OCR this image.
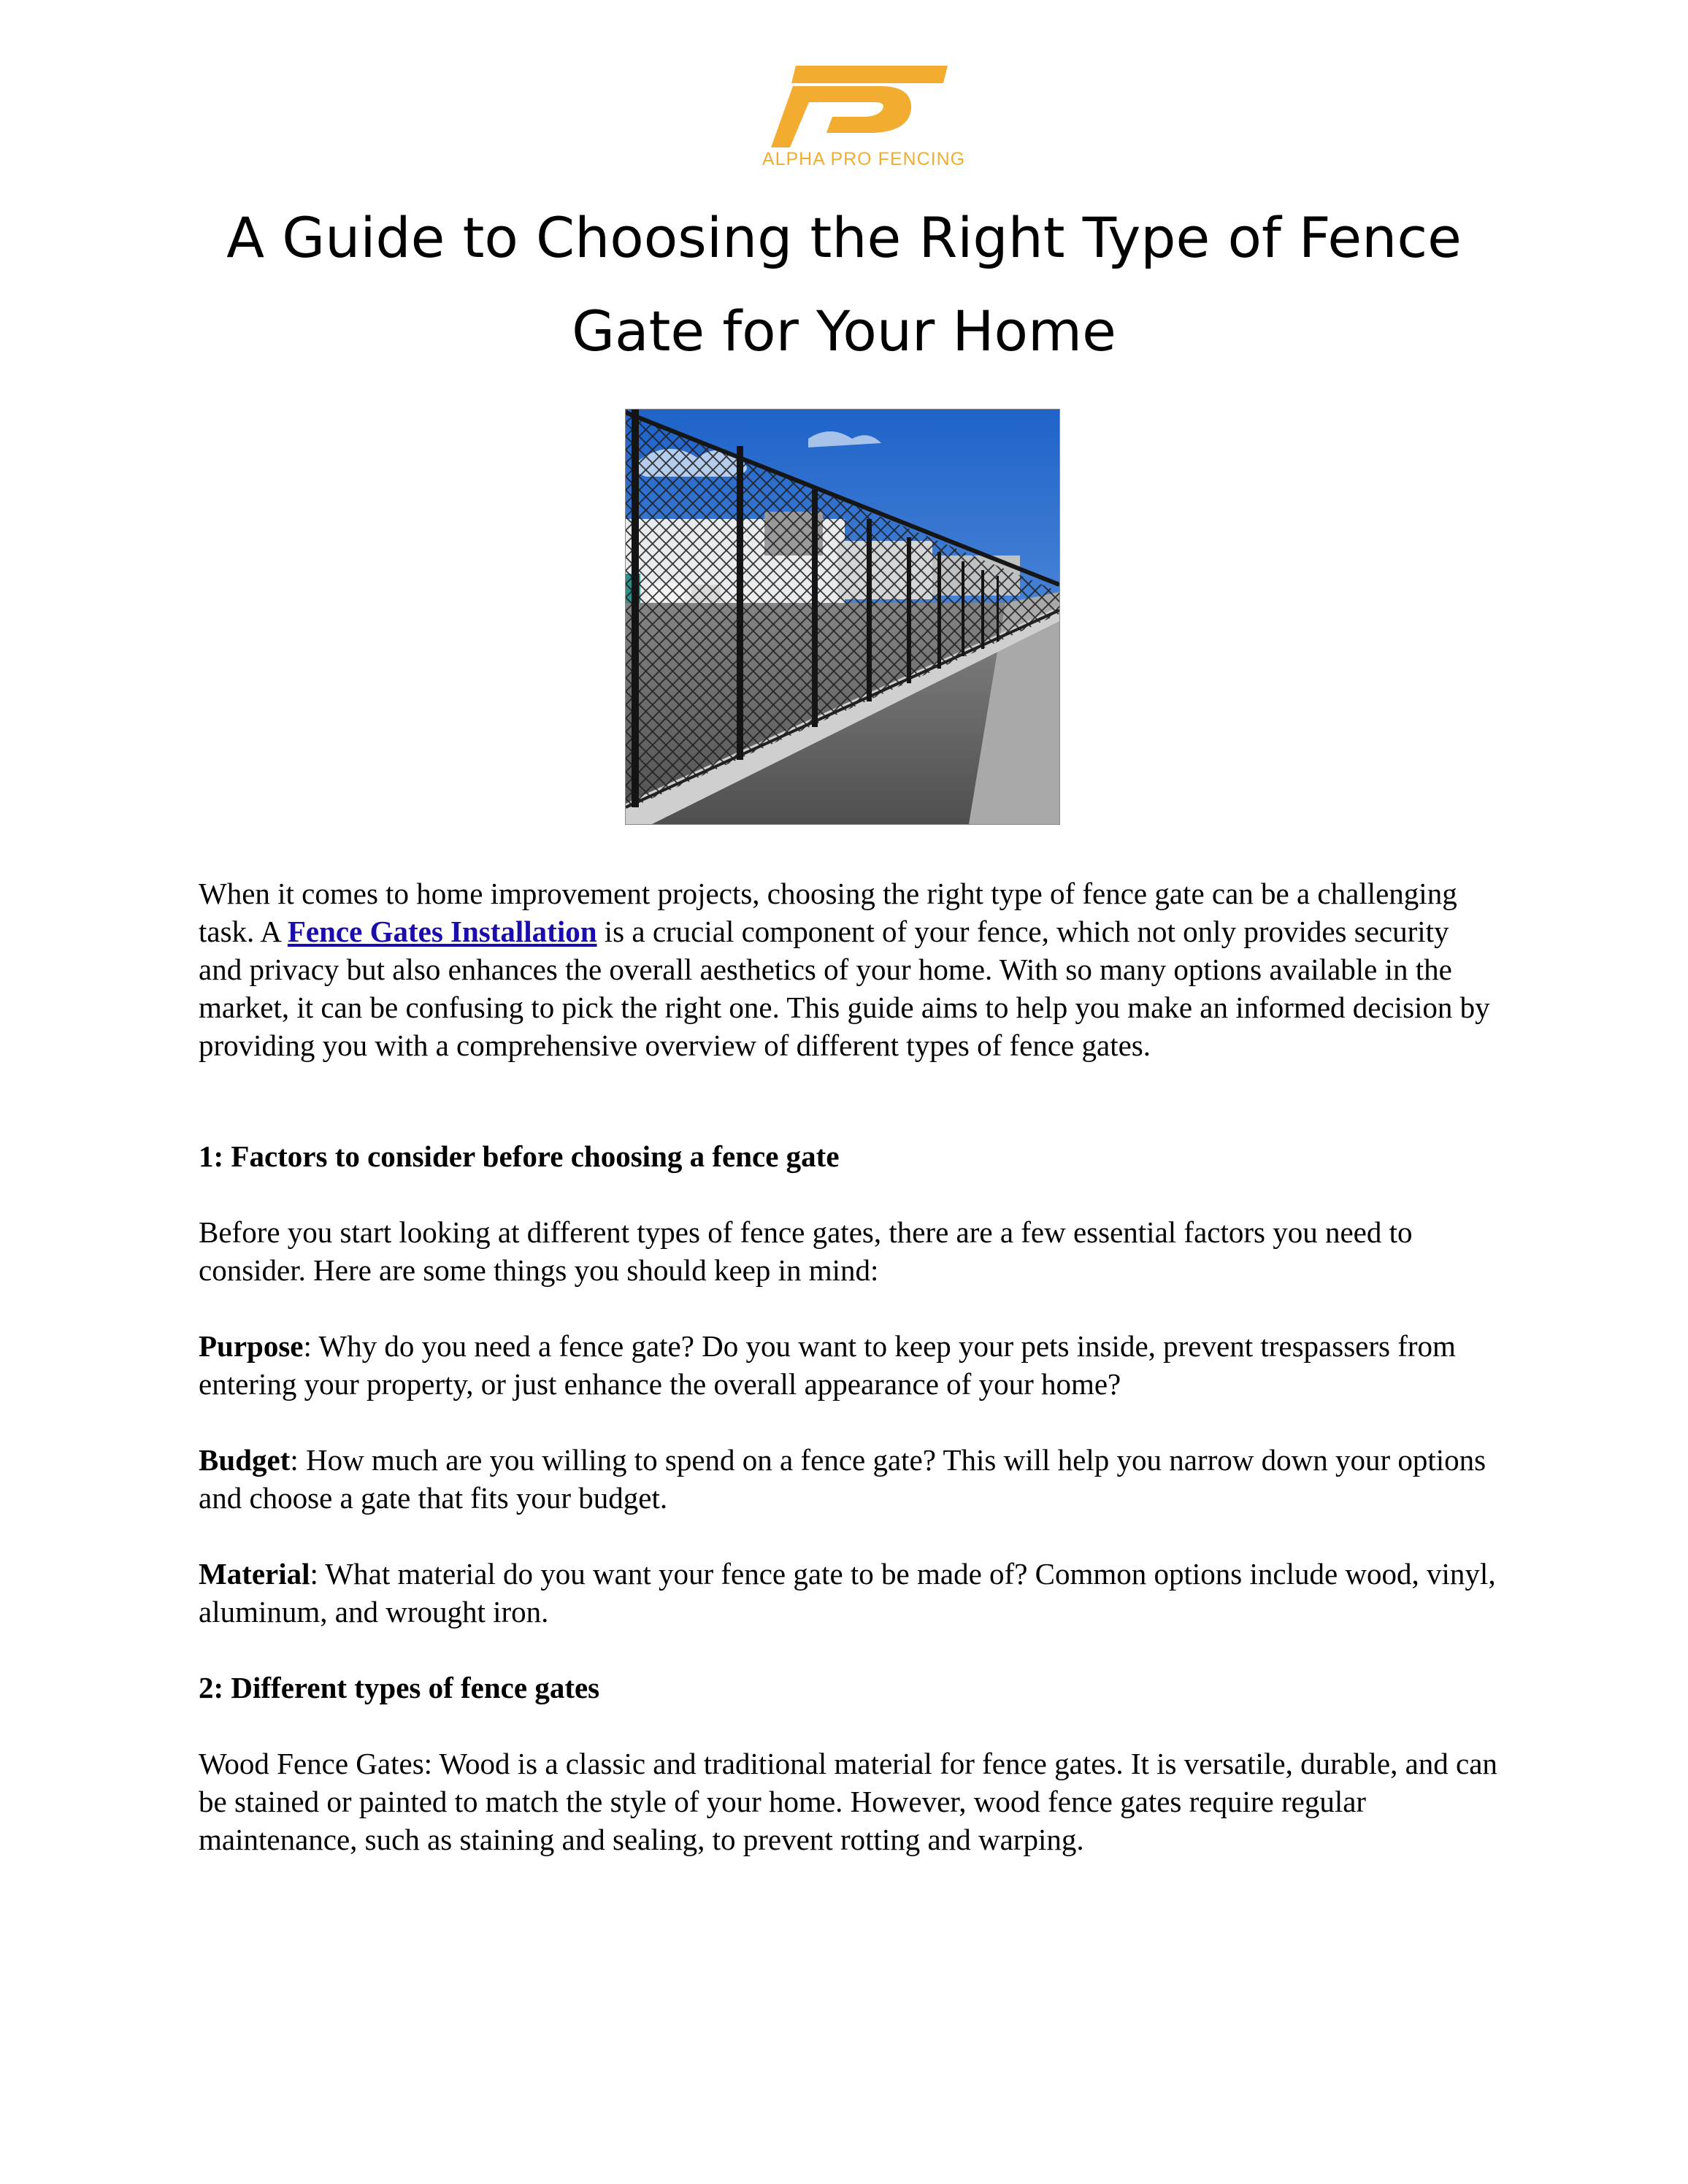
ALPHA PRO FENCING
A Guide to Choosing the Right Type of Fence
Gate for Your Home

When it comes to home improvement projects, choosing the right type of fence gate can be a challenging task. A Fence Gates Installation is a crucial component of your fence, which not only provides security and privacy but also enhances the overall aesthetics of your home. With so many options available in the market, it can be confusing to pick the right one. This guide aims to help you make an informed decision by providing you with a comprehensive overview of different types of fence gates.

1: Factors to consider before choosing a fence gate

Before you start looking at different types of fence gates, there are a few essential factors you need to consider. Here are some things you should keep in mind:

Purpose: Why do you need a fence gate? Do you want to keep your pets inside, prevent trespassers from entering your property, or just enhance the overall appearance of your home?

Budget: How much are you willing to spend on a fence gate? This will help you narrow down your options and choose a gate that fits your budget.

Material: What material do you want your fence gate to be made of? Common options include wood, vinyl, aluminum, and wrought iron.

2: Different types of fence gates

Wood Fence Gates: Wood is a classic and traditional material for fence gates. It is versatile, durable, and can be stained or painted to match the style of your home. However, wood fence gates require regular maintenance, such as staining and sealing, to prevent rotting and warping.
